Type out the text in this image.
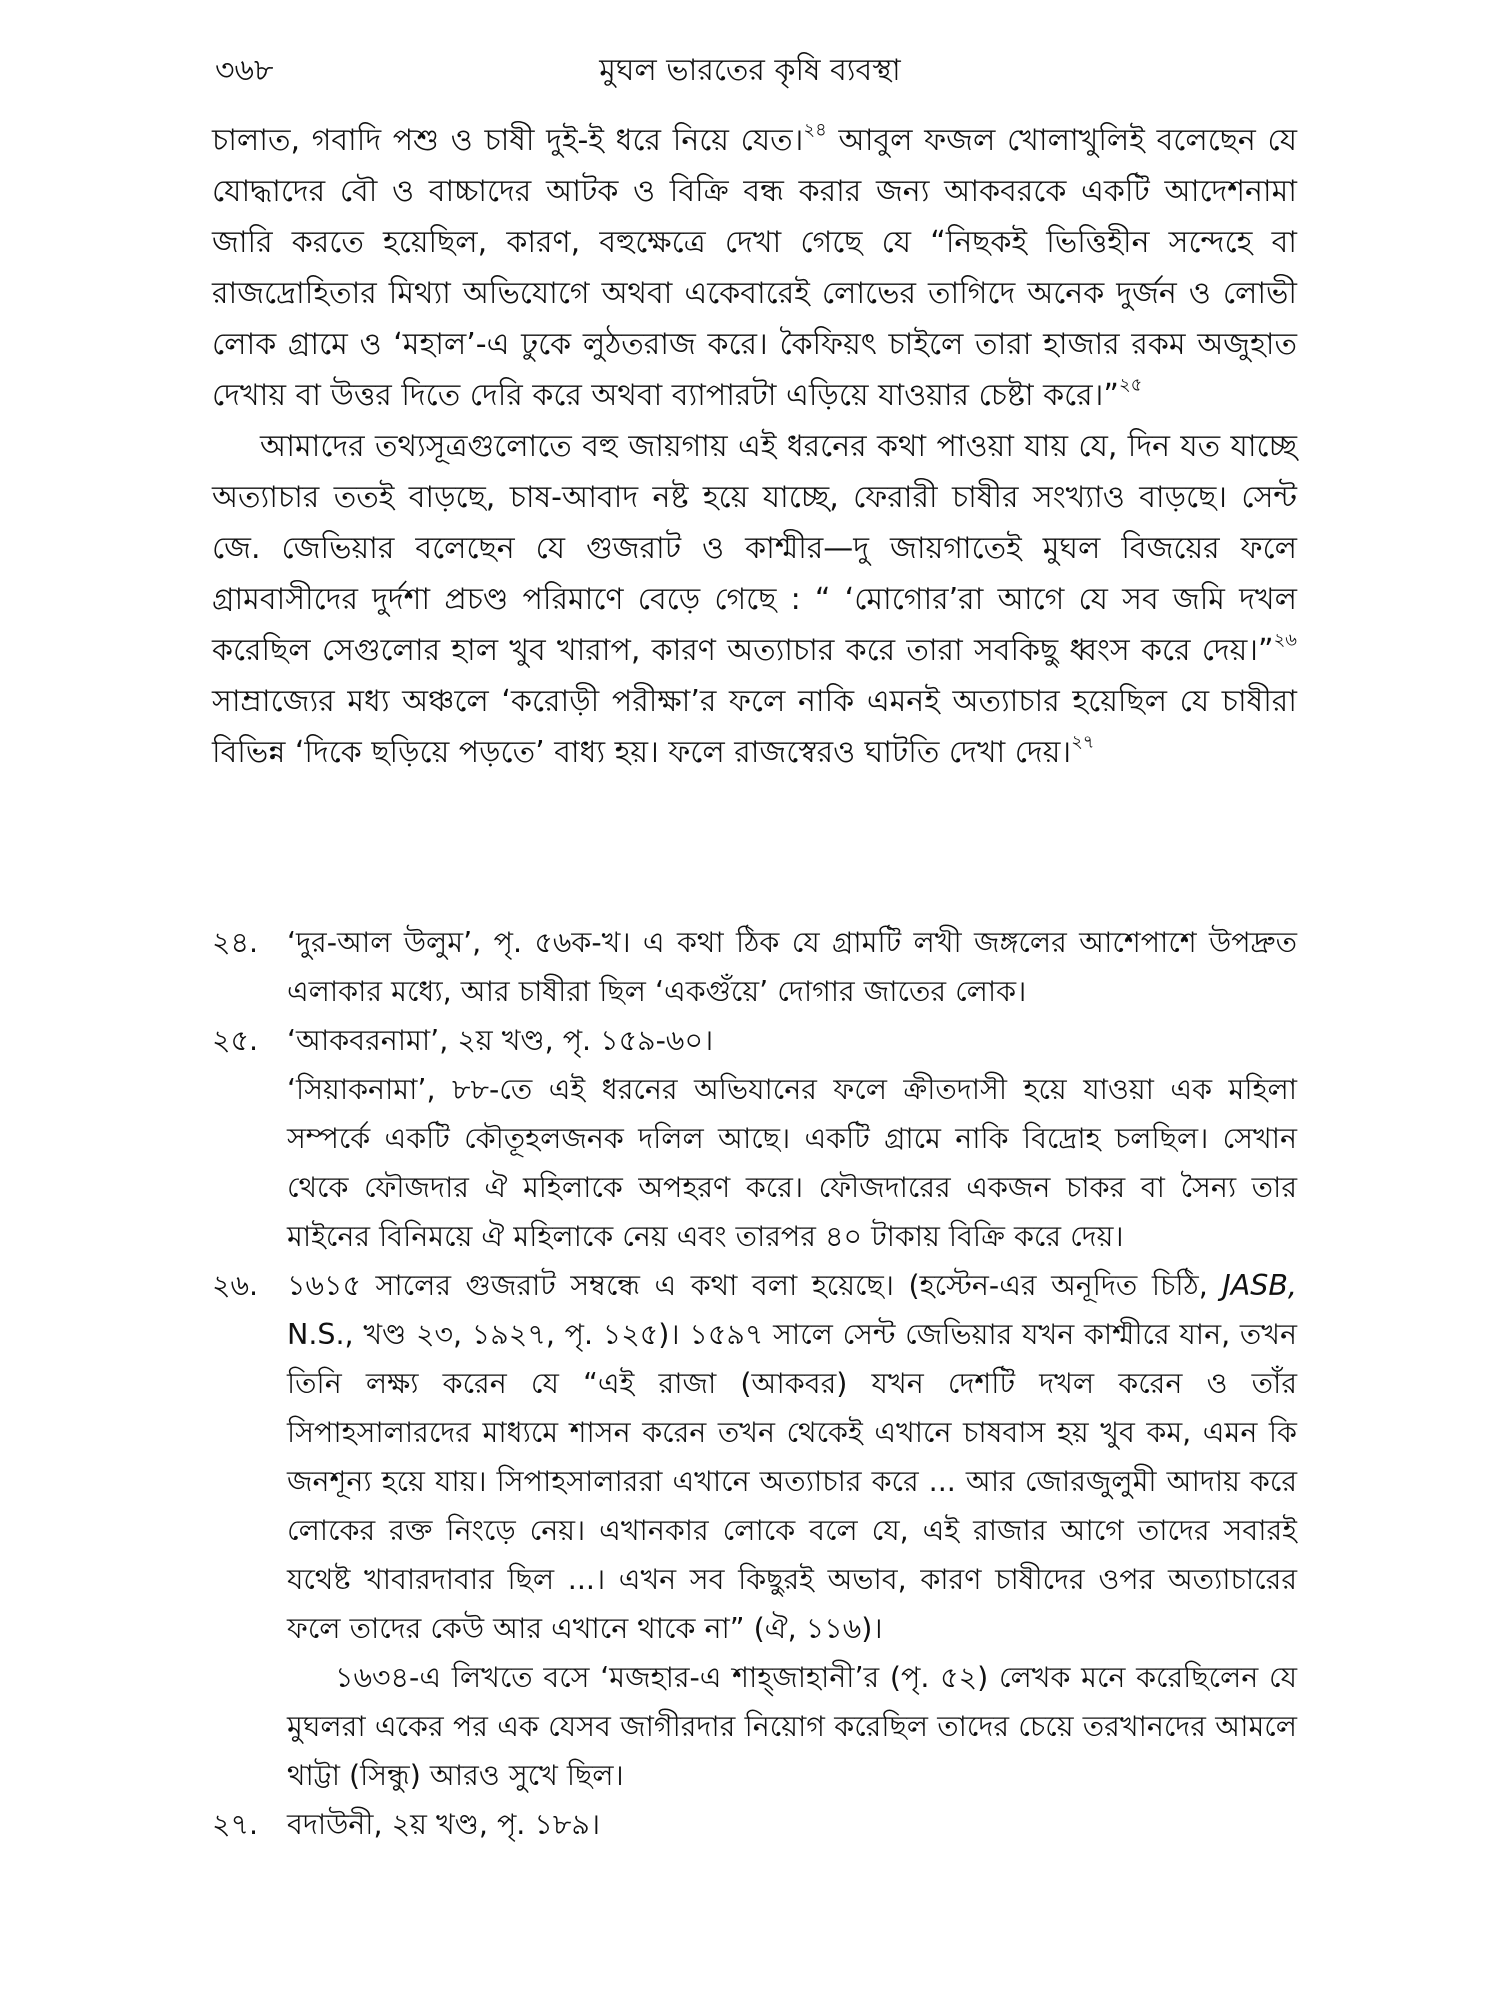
৩৬৮	মুঘল ভারতের কৃষি ব্যবস্থা

চালাত, গবাদি পশু ও চাষী দুই-ই ধরে নিয়ে যেত।$^{২৪}$ আবুল ফজল খোলাখুলিই বলেছেন যে যোদ্ধাদের বৌ ও বাচ্চাদের আটক ও বিক্রি বন্ধ করার জন্য আকবরকে একটি আদেশনামা জারি করতে হয়েছিল, কারণ, বহুক্ষেত্রে দেখা গেছে যে “নিছকই ভিত্তিহীন সন্দেহে বা রাজদ্রোহিতার মিথ্যা অভিযোগে অথবা একেবারেই লোভের তাগিদে অনেক দুর্জন ও লোভী লোক গ্রামে ও ‘মহাল’-এ ঢুকে লুঠতরাজ করে। কৈফিয়ৎ চাইলে তারা হাজার রকম অজুহাত দেখায় বা উত্তর দিতে দেরি করে অথবা ব্যাপারটা এড়িয়ে যাওয়ার চেষ্টা করে।”$^{২৫}$

আমাদের তথ্যসূত্রগুলোতে বহু জায়গায় এই ধরনের কথা পাওয়া যায় যে, দিন যত যাচ্ছে অত্যাচার ততই বাড়ছে, চাষ-আবাদ নষ্ট হয়ে যাচ্ছে, ফেরারী চাষীর সংখ্যাও বাড়ছে। সেন্ট জে. জেভিয়ার বলেছেন যে গুজরাট ও কাশ্মীর—দু জায়গাতেই মুঘল বিজয়ের ফলে গ্রামবাসীদের দুর্দশা প্রচণ্ড পরিমাণে বেড়ে গেছে : “ ‘মোগোর’রা আগে যে সব জমি দখল করেছিল সেগুলোর হাল খুব খারাপ, কারণ অত্যাচার করে তারা সবকিছু ধ্বংস করে দেয়।”$^{২৬}$ সাম্রাজ্যের মধ্য অঞ্চলে ‘করোড়ী পরীক্ষা’র ফলে নাকি এমনই অত্যাচার হয়েছিল যে চাষীরা বিভিন্ন ‘দিকে ছড়িয়ে পড়তে’ বাধ্য হয়। ফলে রাজস্বেরও ঘাটতি দেখা দেয়।$^{২৭}$

২৪.	‘দুর-আল উলুম’, পৃ. ৫৬ক-খ। এ কথা ঠিক যে গ্রামটি লখী জঙ্গলের আশেপাশে উপদ্রুত এলাকার মধ্যে, আর চাষীরা ছিল ‘একগুঁয়ে’ দোগার জাতের লোক।

২৫.	‘আকবরনামা’, ২য় খণ্ড, পৃ. ১৫৯-৬০।

‘সিয়াকনামা’, ৮৮-তে এই ধরনের অভিযানের ফলে ক্রীতদাসী হয়ে যাওয়া এক মহিলা সম্পর্কে একটি কৌতূহলজনক দলিল আছে। একটি গ্রামে নাকি বিদ্রোহ চলছিল। সেখান থেকে ফৌজদার ঐ মহিলাকে অপহরণ করে। ফৌজদারের একজন চাকর বা সৈন্য তার মাইনের বিনিময়ে ঐ মহিলাকে নেয় এবং তারপর ৪০ টাকায় বিক্রি করে দেয়।

২৬.	১৬১৫ সালের গুজরাট সম্বন্ধে এ কথা বলা হয়েছে। (হস্টেন-এর অনূদিত চিঠি, JASB, N.S., খণ্ড ২৩, ১৯২৭, পৃ. ১২৫)। ১৫৯৭ সালে সেন্ট জেভিয়ার যখন কাশ্মীরে যান, তখন তিনি লক্ষ্য করেন যে “এই রাজা (আকবর) যখন দেশটি দখল করেন ও তাঁর সিপাহসালারদের মাধ্যমে শাসন করেন তখন থেকেই এখানে চাষবাস হয় খুব কম, এমন কি জনশূন্য হয়ে যায়। সিপাহসালাররা এখানে অত্যাচার করে ... আর জোরজুলুমী আদায় করে লোকের রক্ত নিংড়ে নেয়। এখানকার লোকে বলে যে, এই রাজার আগে তাদের সবারই যথেষ্ট খাবারদাবার ছিল ...। এখন সব কিছুরই অভাব, কারণ চাষীদের ওপর অত্যাচারের ফলে তাদের কেউ আর এখানে থাকে না” (ঐ, ১১৬)।

১৬৩৪-এ লিখতে বসে ‘মজহার-এ শাহ্‌জাহানী’র (পৃ. ৫২) লেখক মনে করেছিলেন যে মুঘলরা একের পর এক যেসব জাগীরদার নিয়োগ করেছিল তাদের চেয়ে তরখানদের আমলে থাট্টা (সিন্ধু) আরও সুখে ছিল।

২৭.	বদাউনী, ২য় খণ্ড, পৃ. ১৮৯।
